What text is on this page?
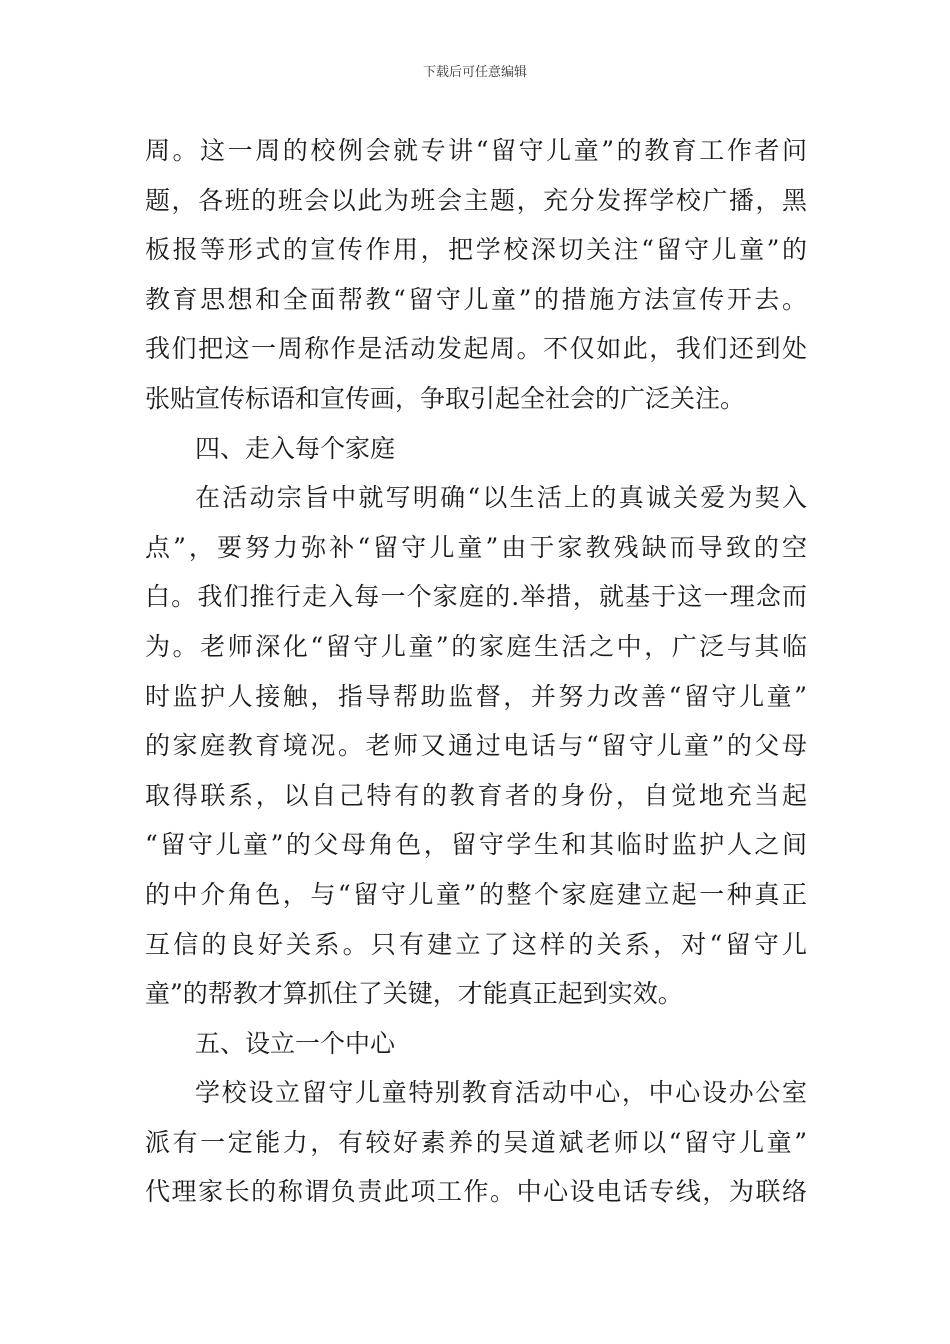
下载后可任意编辑
周。这一周的校例会就专讲“留守儿童”的教育工作者问
题，各班的班会以此为班会主题，充分发挥学校广播，黑
板报等形式的宣传作用，把学校深切关注“留守儿童”的
教育思想和全面帮教“留守儿童”的措施方法宣传开去。
我们把这一周称作是活动发起周。不仅如此，我们还到处
张贴宣传标语和宣传画，争取引起全社会的广泛关注。
四、走入每个家庭
在活动宗旨中就写明确“以生活上的真诚关爱为契入
点”，要努力弥补“留守儿童”由于家教残缺而导致的空
白。我们推行走入每一个家庭的.举措，就基于这一理念而
为。老师深化“留守儿童”的家庭生活之中，广泛与其临
时监护人接触，指导帮助监督，并努力改善“留守儿童”
的家庭教育境况。老师又通过电话与“留守儿童”的父母
取得联系，以自己特有的教育者的身份，自觉地充当起
“留守儿童”的父母角色，留守学生和其临时监护人之间
的中介角色，与“留守儿童”的整个家庭建立起一种真正
互信的良好关系。只有建立了这样的关系，对“留守儿
童”的帮教才算抓住了关键，才能真正起到实效。
五、设立一个中心
学校设立留守儿童特别教育活动中心，中心设办公室
派有一定能力，有较好素养的吴道斌老师以“留守儿童”
代理家长的称谓负责此项工作。中心设电话专线，为联络
